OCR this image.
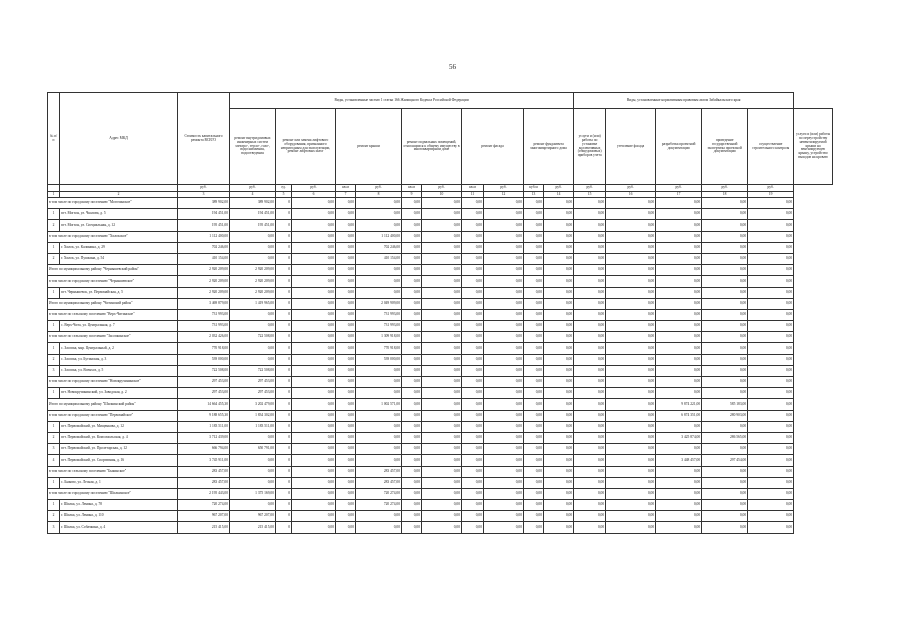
56
№ п/п	Адрес МКД	Стоимость капитального ремонта ВСЕГО	Виды, установленные частью 1 статьи 166 Жилищного Кодекса Российской Федерации											Виды, установленные нормативным правовым актом Забайкальского края					
			ремонт внутридомовых инженерных систем электро-, тепло-, газо-, водоснабжения, водоотведения	ремонт или замена лифтового оборудования, признанного непригодным для эксплуатации, ремонт лифтовых шахт		ремонт крыши		ремонт подвальных помещений, относящихся к общему имуществу в многоквартирном доме		ремонт фасада		ремонт фундамента многоквартирного дома		услуги и (или) работы по установке коллективных (общедомовых) приборов учета	утепление фасада	разработка проектной документации	проведение государственной экспертизы проектной документации	осуществление строительного контроля	услуги и (или) работы по переустройству невентилируемой крыши на вентилируемую крышу, устройство выходов на кровлю
		руб.	руб.	ед.	руб.	кв.м	руб.	кв.м	руб.	кв.м	руб.	куб.м	руб.	руб.	руб.	руб.	руб.	руб.	
1	2	3	4	5	6	7	8	9	10	11	12	13	14	15	16	17	18	19	
в том числе по городскому поселению "Могочинское"		389 902,00	389 902,00	0	0,00	0,00	0,00	0,00	0,00	0,00	0,00	0,00	0,00	0,00	0,00	0,00	0,00	0,00	
1	пгт. Могзон, ул. Чкалова, д. 5	194 451,00	194 451,00	0	0,00	0,00	0,00	0,00	0,00	0,00	0,00	0,00	0,00	0,00	0,00	0,00	0,00	0,00	
2	пгт. Могзон, ул. Специальная, д. 12	195 451,00	195 451,00	0	0,00	0,00	0,00	0,00	0,00	0,00	0,00	0,00	0,00	0,00	0,00	0,00	0,00	0,00	
в том числе по городскому поселению "Хилокское"		1 112 400,00	0,00	0	0,00	0,00	1 112 400,00	0,00	0,00	0,00	0,00	0,00	0,00	0,00	0,00	0,00	0,00	0,00	
1	г. Хилок, ул. Калинина, д. 29	702 246,00	0,00	0	0,00	0,00	702 246,00	0,00	0,00	0,00	0,00	0,00	0,00	0,00	0,00	0,00	0,00	0,00	
2	г. Хилок, ул. Пушкина, д. 54	410 154,00	0,00	0	0,00	0,00	410 154,00	0,00	0,00	0,00	0,00	0,00	0,00	0,00	0,00	0,00	0,00	0,00	
Итого по муниципальному району "Чернышевский район"		2 920 209,00	2 920 209,00	0	0,00	0,00	0,00	0,00	0,00	0,00	0,00	0,00	0,00	0,00	0,00	0,00	0,00	0,00	
в том числе по городскому поселению "Чернышевское"		2 920 209,00	2 920 209,00	0	0,00	0,00	0,00	0,00	0,00	0,00	0,00	0,00	0,00	0,00	0,00	0,00	0,00	0,00	
1	пгт. Чернышевск, ул. Первомайская, д. 5	2 920 209,00	2 920 209,00	0	0,00	0,00	0,00	0,00	0,00	0,00	0,00	0,00	0,00	0,00	0,00	0,00	0,00	0,00	
Итого по муниципальному району "Читинский район"		3 469 879,00	1 419 965,00	0	0,00	0,00	2 049 909,00	0,00	0,00	0,00	0,00	0,00	0,00	0,00	0,00	0,00	0,00	0,00	
в том числе по сельскому поселению "Верх-Читинское"		731 993,00	0,00	0	0,00	0,00	731 993,00	0,00	0,00	0,00	0,00	0,00	0,00	0,00	0,00	0,00	0,00	0,00	
1	с. Верх-Чита, ул. Центральная, д. 7	731 993,00	0,00	0	0,00	0,00	731 993,00	0,00	0,00	0,00	0,00	0,00	0,00	0,00	0,00	0,00	0,00	0,00	
в том числе по сельскому поселению "Засопкинское"		2 032 426,00	722 508,00	0	0,00	0,00	1 309 918,00	0,00	0,00	0,00	0,00	0,00	0,00	0,00	0,00	0,00	0,00	0,00	
1	с. Засопка, мкр. Центральный, д. 2	770 918,00	0,00	0	0,00	0,00	770 918,00	0,00	0,00	0,00	0,00	0,00	0,00	0,00	0,00	0,00	0,00	0,00	
2	с. Засопка, ул. Бутинская, д. 3	539 000,00	0,00	0	0,00	0,00	539 000,00	0,00	0,00	0,00	0,00	0,00	0,00	0,00	0,00	0,00	0,00	0,00	
3	с. Засопка, ул. Военхоз, д. 5	722 508,00	722 508,00	0	0,00	0,00	0,00	0,00	0,00	0,00	0,00	0,00	0,00	0,00	0,00	0,00	0,00	0,00	
в том числе по городскому поселению "Новокручининское"		297 453,00	297 453,00	0	0,00	0,00	0,00	0,00	0,00	0,00	0,00	0,00	0,00	0,00	0,00	0,00	0,00	0,00	
1	пгт. Новокручининский, ул. Заводская, д. 2	297 453,00	297 453,00	0	0,00	0,00	0,00	0,00	0,00	0,00	0,00	0,00	0,00	0,00	0,00	0,00	0,00	0,00	
Итого по муниципальному району "Шилкинский район"		14 664 455,30	3 202 479,00	0	0,00	0,00	1 002 571,00	0,00	0,00	0,00	0,00	0,00	0,00	0,00	0,00	9 874 221,00	585 183,00	0,00	
в том числе по городскому поселению "Первомайское"		9 188 655,30	1 834 302,00	0	0,00	0,00	0,00	0,00	0,00	0,00	0,00	0,00	0,00	0,00	0,00	6 874 351,00	280 903,00	0,00	
1	пгт. Первомайский, ул. Мищенкова, д. 12	1 183 511,00	1 183 511,00	0	0,00	0,00	0,00	0,00	0,00	0,00	0,00	0,00	0,00	0,00	0,00	0,00	0,00	0,00	
2	пгт. Первомайский, ул. Комсомольская, д. 4	3 712 439,00	0,00	0	0,00	0,00	0,00	0,00	0,00	0,00	0,00	0,00	0,00	0,00	0,00	3 425 874,00	286 565,00	0,00	
3	пгт. Первомайский, ул. Пролетарская, д. 12	666 794,00	650 791,00	0	0,00	0,00	0,00	0,00	0,00	0,00	0,00	0,00	0,00	0,00	0,00	0,00	0,00	0,00	
4	пгт. Первомайский, ул. Спортивная, д. 16	3 745 911,00	0,00	0	0,00	0,00	0,00	0,00	0,00	0,00	0,00	0,00	0,00	0,00	0,00	3 448 457,00	297 454,00	0,00	
в том числе по сельскому поселению "Быкинское"		283 457,00	0,00	0	0,00	0,00	283 457,00	0,00	0,00	0,00	0,00	0,00	0,00	0,00	0,00	0,00	0,00	0,00	
1	с. Быково, ул. Лесная, д. 1	283 457,00	0,00	0	0,00	0,00	283 457,00	0,00	0,00	0,00	0,00	0,00	0,00	0,00	0,00	0,00	0,00	0,00	
в том числе по городскому поселению "Шилкинское"		2 195 443,00	1 375 169,00	0	0,00	0,00	720 274,00	0,00	0,00	0,00	0,00	0,00	0,00	0,00	0,00	0,00	0,00	0,00	
1	г. Шилка, ул. Ленина, д. 78	720 274,00	0,00	0	0,00	0,00	720 274,00	0,00	0,00	0,00	0,00	0,00	0,00	0,00	0,00	0,00	0,00	0,00	
2	г. Шилка, ул. Ленина, д. 110	967 207,00	967 207,00	0	0,00	0,00	0,00	0,00	0,00	0,00	0,00	0,00	0,00	0,00	0,00	0,00	0,00	0,00	
3	г. Шилка, ул. Собачкина, д. 4	215 415,00	215 415,00	0	0,00	0,00	0,00	0,00	0,00	0,00	0,00	0,00	0,00	0,00	0,00	0,00	0,00	0,00	
